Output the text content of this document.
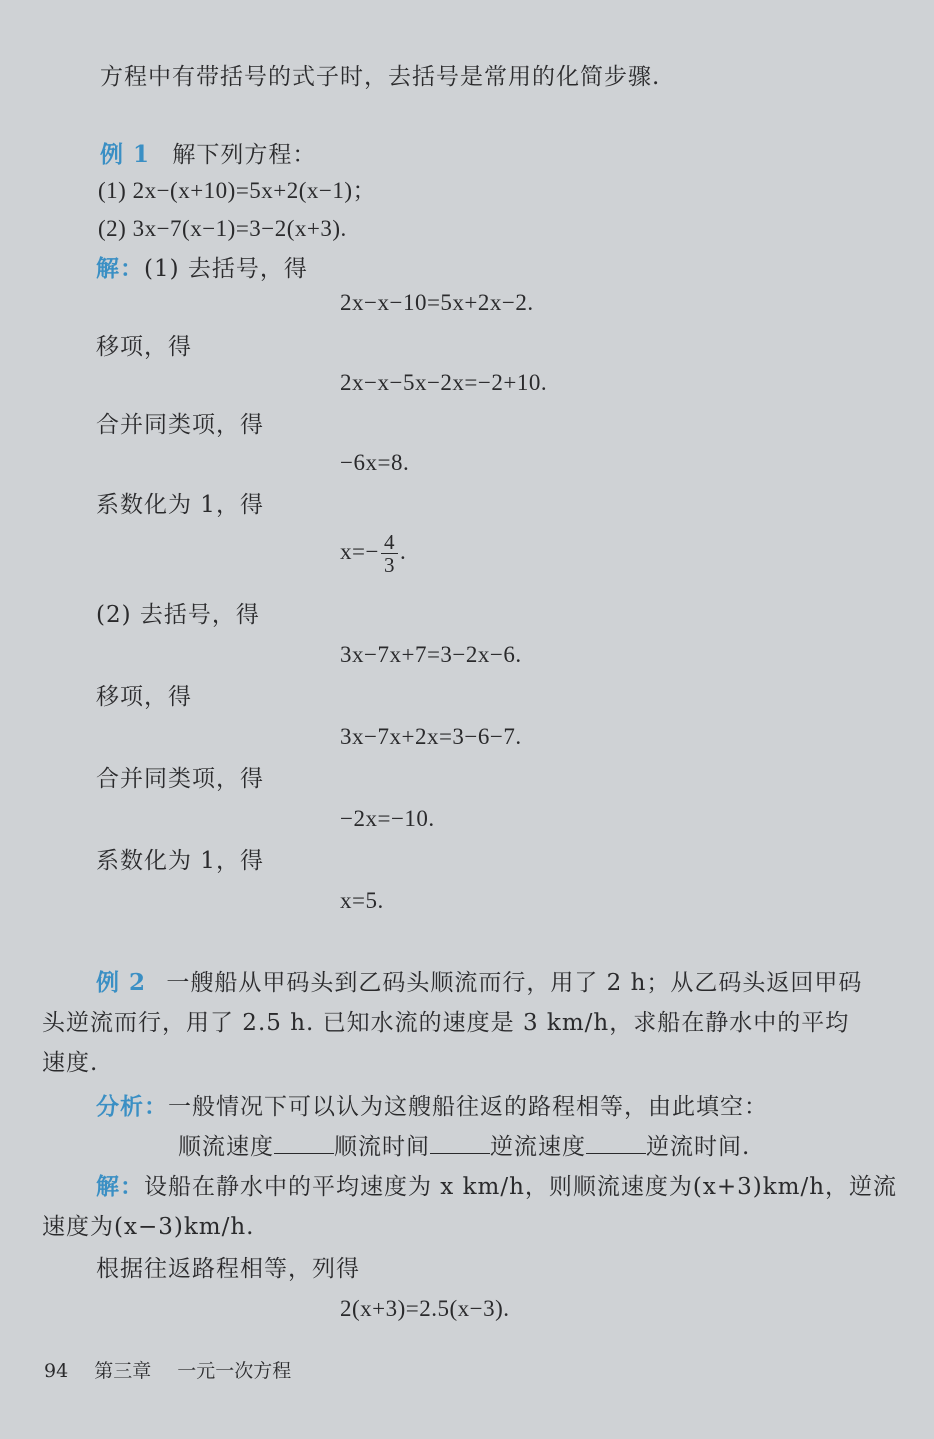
方程中有带括号的式子时，去括号是常用的化简步骤.
例 1 解下列方程：
(1) 2x−(x+10)=5x+2(x−1)；
(2) 3x−7(x−1)=3−2(x+3).
解：(1) 去括号，得
2x−x−10=5x+2x−2.
移项，得
2x−x−5x−2x=−2+10.
合并同类项，得
−6x=8.
系数化为 1，得
$x=- \frac{4}{3}$ .
(2) 去括号，得
3x−7x+7=3−2x−6.
移项，得
3x−7x+2x=3−6−7.
合并同类项，得
−2x=−10.
系数化为 1，得
x=5.
例 2 一艘船从甲码头到乙码头顺流而行，用了 2 h；从乙码头返回甲码
头逆流而行，用了 2.5 h. 已知水流的速度是 3 km/h，求船在静水中的平均
速度.
分析：一般情况下可以认为这艘船往返的路程相等，由此填空：
顺流速度	顺流时间	逆流速度	逆流时间.
解：设船在静水中的平均速度为 x km/h，则顺流速度为(x+3)km/h，逆流
速度为(x−3)km/h.
根据往返路程相等，列得
2(x+3)=2.5(x−3).
94 第三章 一元一次方程
